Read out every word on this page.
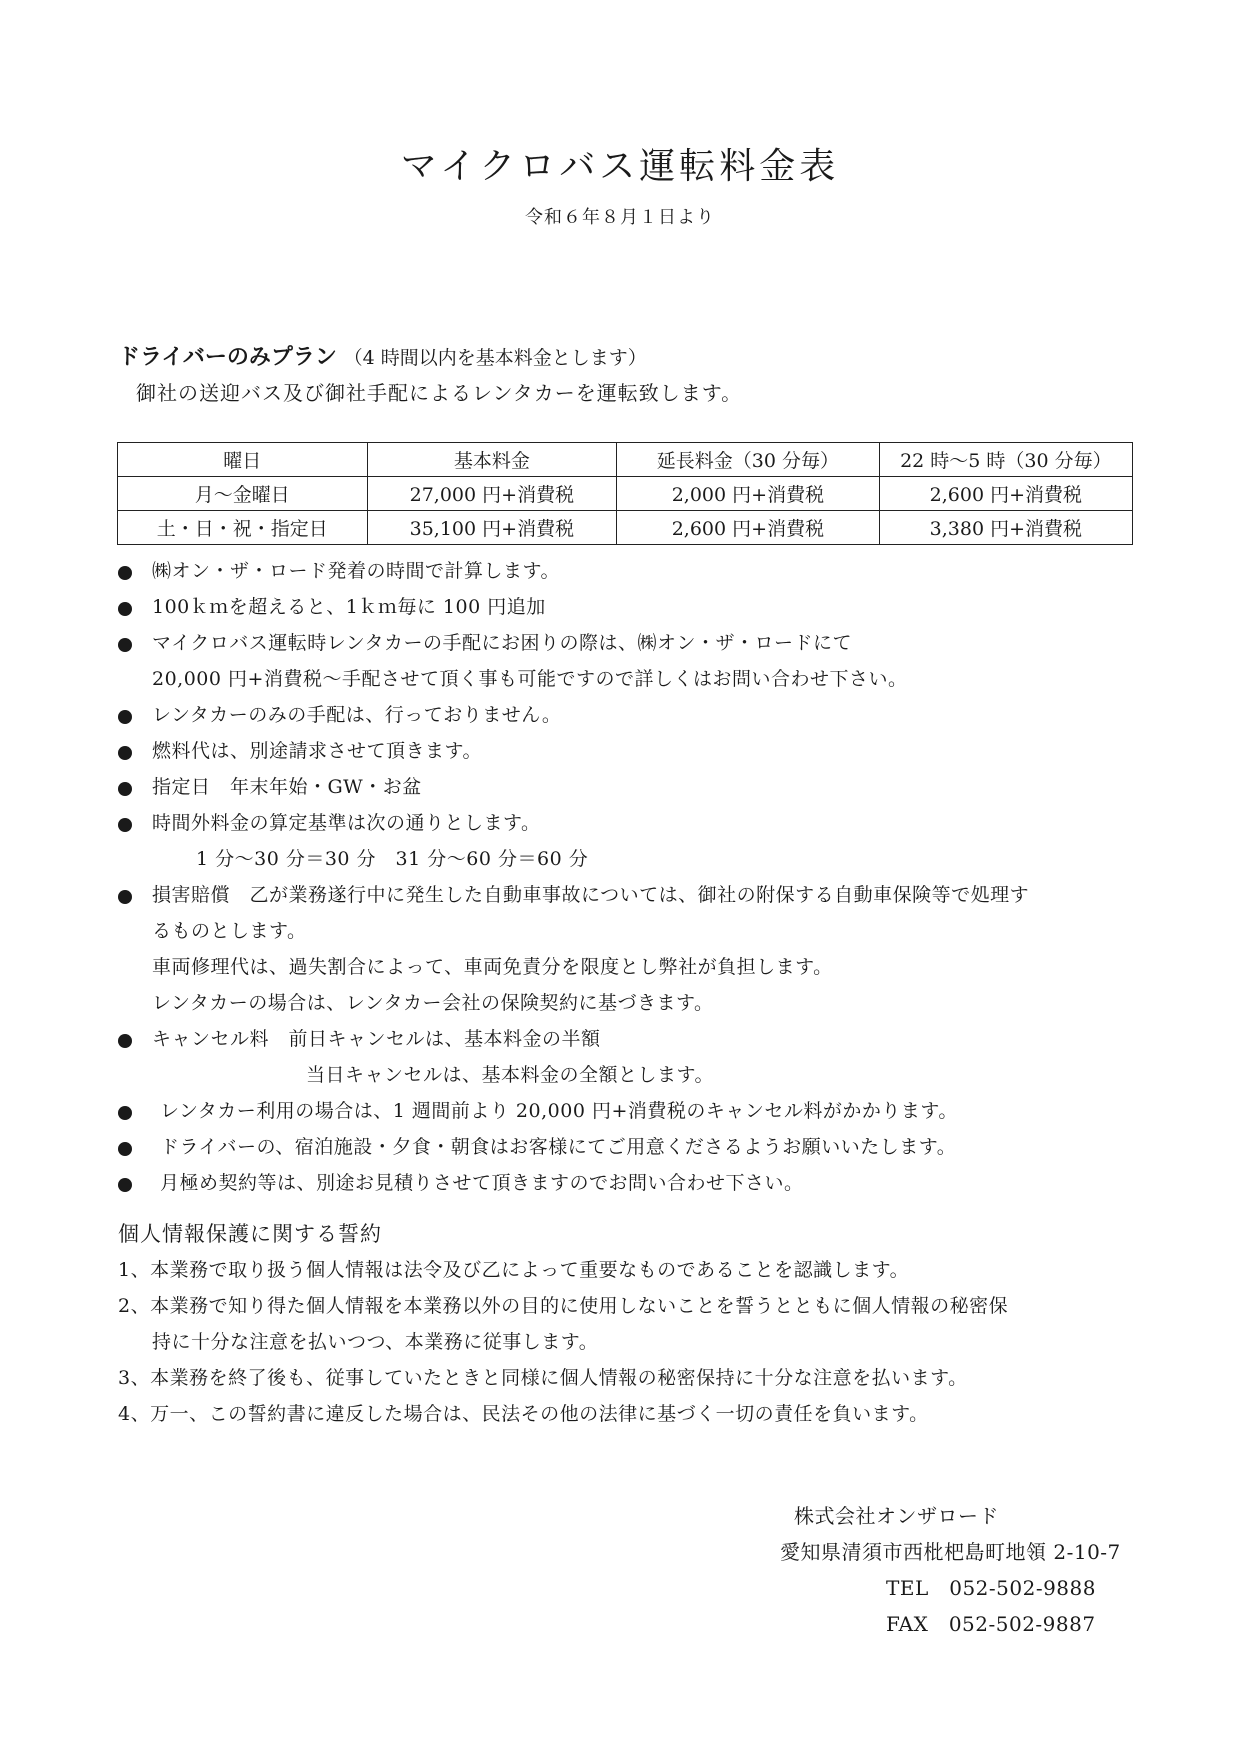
マイクロバス運転料金表
令和６年８月１日より
ドライバーのみプラン （4 時間以内を基本料金とします）
御社の送迎バス及び御社手配によるレンタカーを運転致します。
曜日	基本料金	延長料金（30 分毎）	22 時～5 時（30 分毎）
月～金曜日	27,000 円+消費税	2,000 円+消費税	2,600 円+消費税
土・日・祝・指定日	35,100 円+消費税	2,600 円+消費税	3,380 円+消費税
㈱オン・ザ・ロード発着の時間で計算します。
100ｋｍを超えると、1ｋｍ毎に 100 円追加
マイクロバス運転時レンタカーの手配にお困りの際は、㈱オン・ザ・ロードにて
20,000 円+消費税～手配させて頂く事も可能ですので詳しくはお問い合わせ下さい。
レンタカーのみの手配は、行っておりません。
燃料代は、別途請求させて頂きます。
指定日　年末年始・GW・お盆
時間外料金の算定基準は次の通りとします。
1 分～30 分＝30 分　31 分～60 分＝60 分
損害賠償　乙が業務遂行中に発生した自動車事故については、御社の附保する自動車保険等で処理す
るものとします。
車両修理代は、過失割合によって、車両免責分を限度とし弊社が負担します。
レンタカーの場合は、レンタカー会社の保険契約に基づきます。
キャンセル料　前日キャンセルは、基本料金の半額
当日キャンセルは、基本料金の全額とします。
レンタカー利用の場合は、1 週間前より 20,000 円+消費税のキャンセル料がかかります。
ドライバーの、宿泊施設・夕食・朝食はお客様にてご用意くださるようお願いいたします。
月極め契約等は、別途お見積りさせて頂きますのでお問い合わせ下さい。
個人情報保護に関する誓約
1、本業務で取り扱う個人情報は法令及び乙によって重要なものであることを認識します。
2、本業務で知り得た個人情報を本業務以外の目的に使用しないことを誓うとともに個人情報の秘密保
持に十分な注意を払いつつ、本業務に従事します。
3、本業務を終了後も、従事していたときと同様に個人情報の秘密保持に十分な注意を払います。
4、万一、この誓約書に違反した場合は、民法その他の法律に基づく一切の責任を負います。
株式会社オンザロード
愛知県清須市西枇杷島町地領 2-10-7
TEL　052-502-9888
FAX　052-502-9887
